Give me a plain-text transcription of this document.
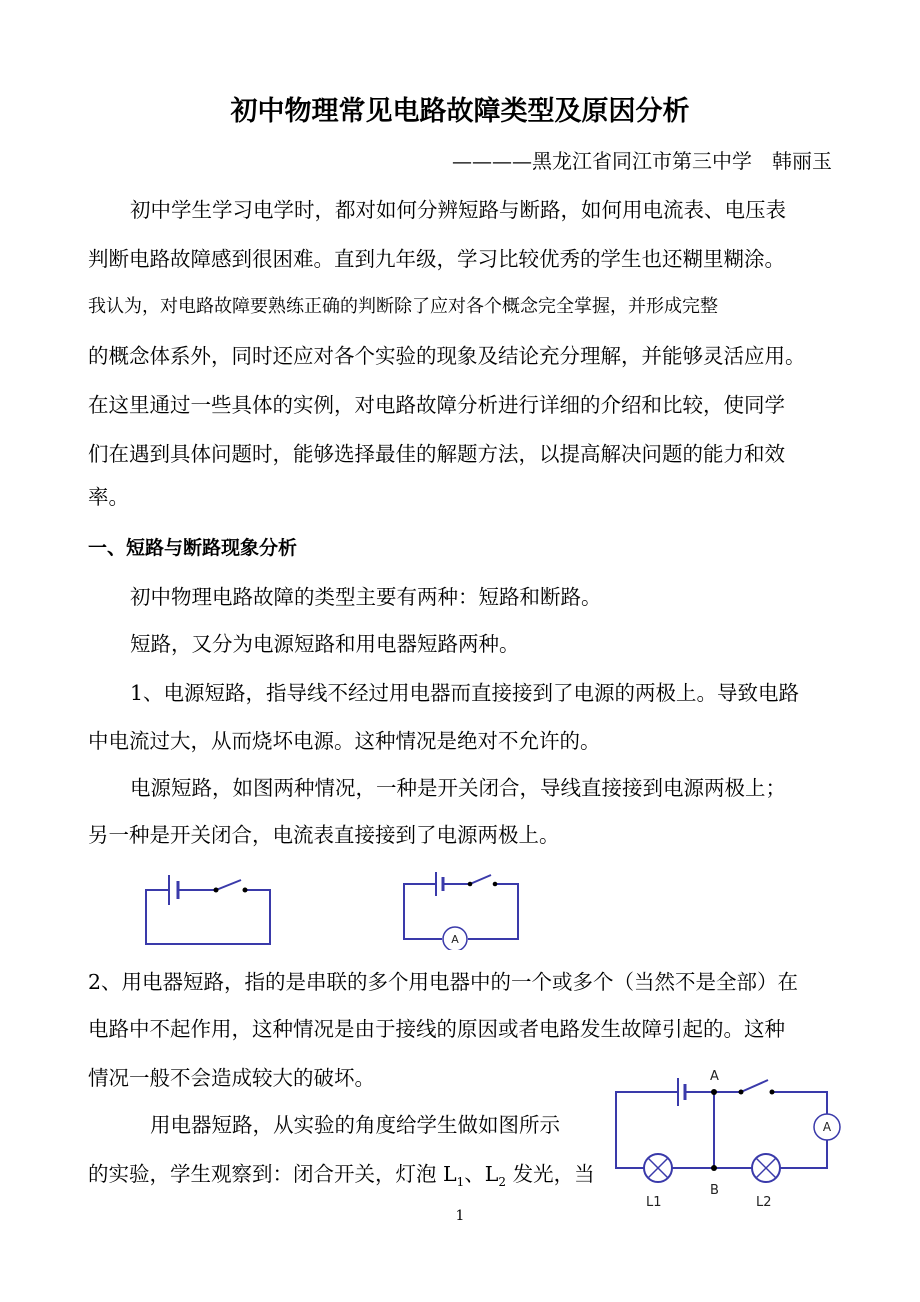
初中物理常见电路故障类型及原因分析
————黑龙江省同江市第三中学　韩丽玉
初中学生学习电学时，都对如何分辨短路与断路，如何用电流表、电压表
判断电路故障感到很困难。直到九年级，学习比较优秀的学生也还糊里糊涂。
我认为，对电路故障要熟练正确的判断除了应对各个概念完全掌握，并形成完整
的概念体系外，同时还应对各个实验的现象及结论充分理解，并能够灵活应用。
在这里通过一些具体的实例，对电路故障分析进行详细的介绍和比较，使同学
们在遇到具体问题时，能够选择最佳的解题方法，以提高解决问题的能力和效
率。
一、短路与断路现象分析
初中物理电路故障的类型主要有两种：短路和断路。
短路，又分为电源短路和用电器短路两种。
1、电源短路，指导线不经过用电器而直接接到了电源的两极上。导致电路
中电流过大，从而烧坏电源。这种情况是绝对不允许的。
电源短路，如图两种情况，一种是开关闭合，导线直接接到电源两极上；
另一种是开关闭合，电流表直接接到了电源两极上。
A
2、用电器短路，指的是串联的多个用电器中的一个或多个（当然不是全部）在
电路中不起作用，这种情况是由于接线的原因或者电路发生故障引起的。这种
情况一般不会造成较大的破坏。
用电器短路，从实验的角度给学生做如图所示
的实验，学生观察到：闭合开关，灯泡 $L_1$、$L_2$ 发光，当
A
B
L1	L2
A
1
